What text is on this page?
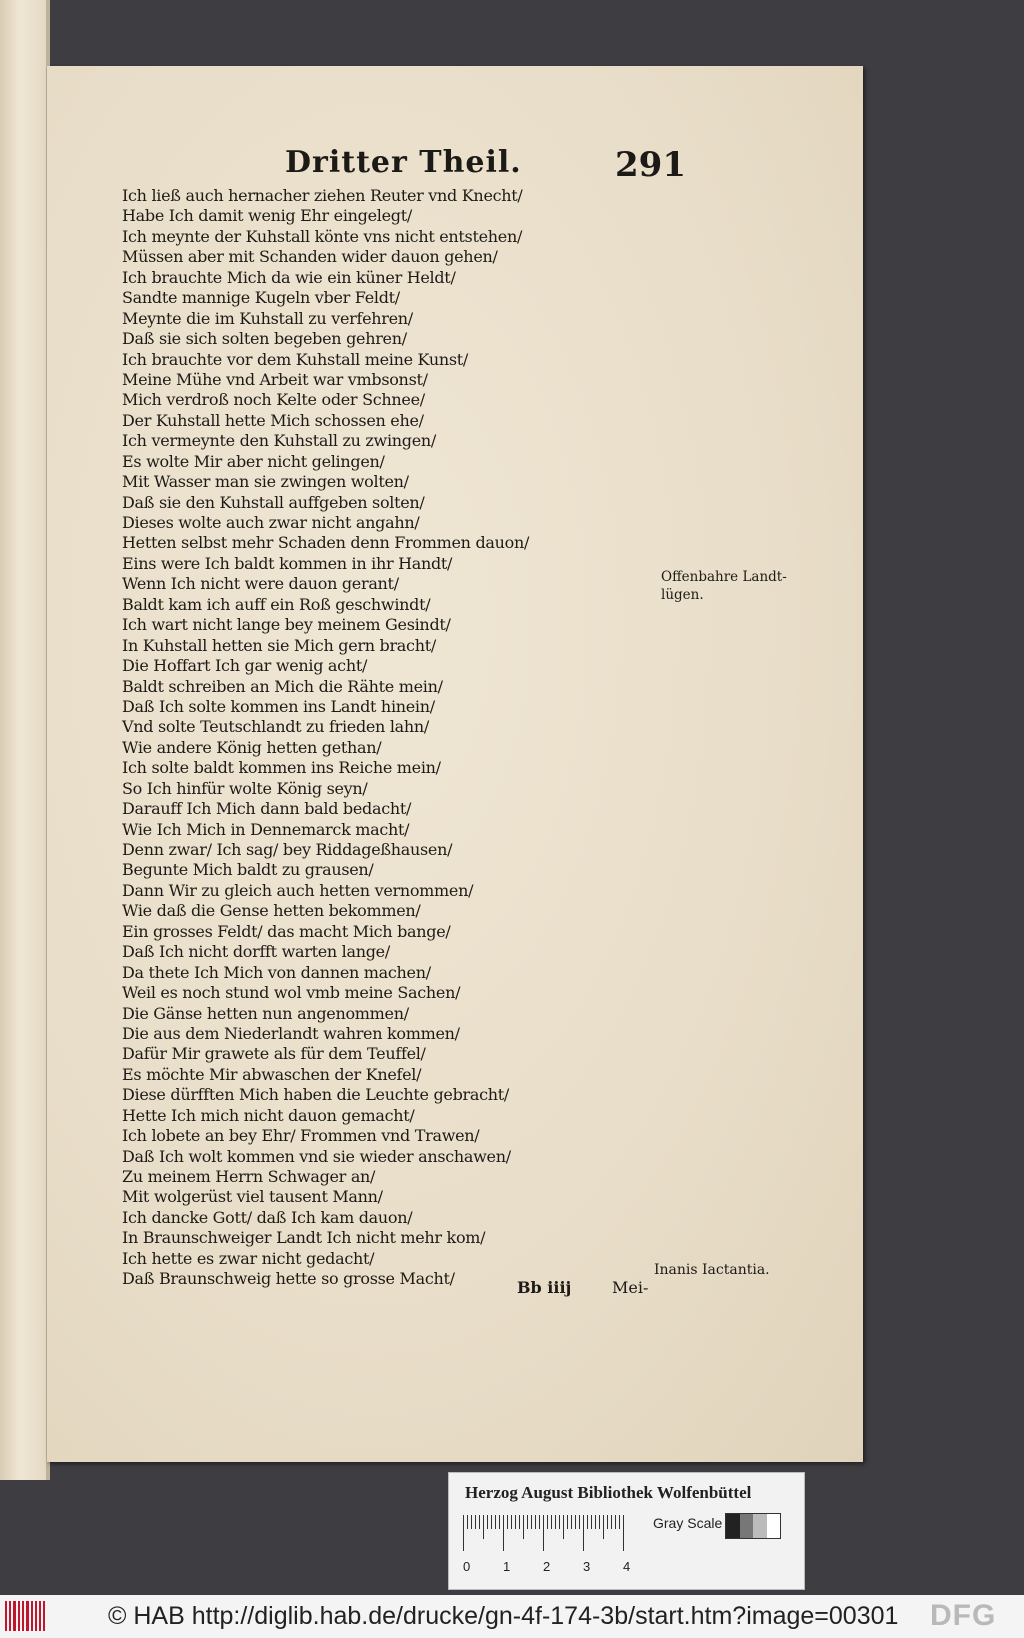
Dritter Theil.	291
Ich ließ auch hernacher ziehen Reuter vnd Knecht/
Habe Ich damit wenig Ehr eingelegt/
Ich meynte der Kuhstall könte vns nicht entstehen/
Müssen aber mit Schanden wider dauon gehen/
Ich brauchte Mich da wie ein küner Heldt/
Sandte mannige Kugeln vber Feldt/
Meynte die im Kuhstall zu verfehren/
Daß sie sich solten begeben gehren/
Ich brauchte vor dem Kuhstall meine Kunst/
Meine Mühe vnd Arbeit war vmbsonst/
Mich verdroß noch Kelte oder Schnee/
Der Kuhstall hette Mich schossen ehe/
Ich vermeynte den Kuhstall zu zwingen/
Es wolte Mir aber nicht gelingen/
Mit Wasser man sie zwingen wolten/
Daß sie den Kuhstall auffgeben solten/
Dieses wolte auch zwar nicht angahn/
Hetten selbst mehr Schaden denn Frommen dauon/
Eins were Ich baldt kommen in ihr Handt/
Wenn Ich nicht were dauon gerant/
Baldt kam ich auff ein Roß geschwindt/
Ich wart nicht lange bey meinem Gesindt/
In Kuhstall hetten sie Mich gern bracht/
Die Hoffart Ich gar wenig acht/
Baldt schreiben an Mich die Rähte mein/
Daß Ich solte kommen ins Landt hinein/
Vnd solte Teutschlandt zu frieden lahn/
Wie andere König hetten gethan/
Ich solte baldt kommen ins Reiche mein/
So Ich hinfür wolte König seyn/
Darauff Ich Mich dann bald bedacht/
Wie Ich Mich in Dennemarck macht/
Denn zwar/ Ich sag/ bey Riddageßhausen/
Begunte Mich baldt zu grausen/
Dann Wir zu gleich auch hetten vernommen/
Wie daß die Gense hetten bekommen/
Ein grosses Feldt/ das macht Mich bange/
Daß Ich nicht dorfft warten lange/
Da thete Ich Mich von dannen machen/
Weil es noch stund wol vmb meine Sachen/
Die Gänse hetten nun angenommen/
Die aus dem Niederlandt wahren kommen/
Dafür Mir grawete als für dem Teuffel/
Es möchte Mir abwaschen der Knefel/
Diese dürfften Mich haben die Leuchte gebracht/
Hette Ich mich nicht dauon gemacht/
Ich lobete an bey Ehr/ Frommen vnd Trawen/
Daß Ich wolt kommen vnd sie wieder anschawen/
Zu meinem Herrn Schwager an/
Mit wolgerüst viel tausent Mann/
Ich dancke Gott/ daß Ich kam dauon/
In Braunschweiger Landt Ich nicht mehr kom/
Ich hette es zwar nicht gedacht/
Daß Braunschweig hette so grosse Macht/
Offenbahre Landt-lügen.
Inanis Iactantia.
Bb iiij	Mei-
Herzog August Bibliothek Wolfenbüttel
0	1	2	3	4
Gray Scale
© HAB http://diglib.hab.de/drucke/gn-4f-174-3b/start.htm?image=00301 DFG
